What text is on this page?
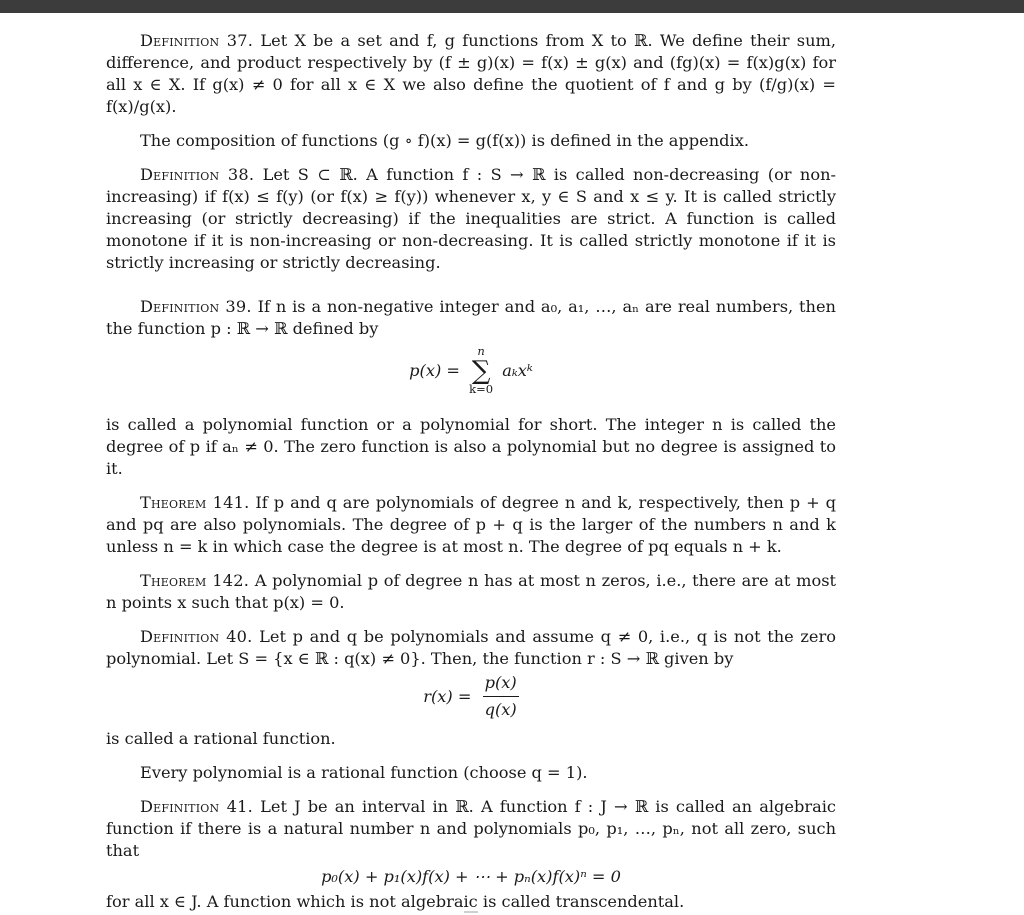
Definition 37. Let X be a set and f, g functions from X to ℝ. We define their sum, difference, and product respectively by (f ± g)(x) = f(x) ± g(x) and (fg)(x) = f(x)g(x) for all x ∈ X. If g(x) ≠ 0 for all x ∈ X we also define the quotient of f and g by (f/g)(x) = f(x)/g(x).

The composition of functions (g ∘ f)(x) = g(f(x)) is defined in the appendix.

Definition 38. Let S ⊂ ℝ. A function f : S → ℝ is called non-decreasing (or non-increasing) if f(x) ≤ f(y) (or f(x) ≥ f(y)) whenever x, y ∈ S and x ≤ y. It is called strictly increasing (or strictly decreasing) if the inequalities are strict. A function is called monotone if it is non-increasing or non-decreasing. It is called strictly monotone if it is strictly increasing or strictly decreasing.

Definition 39. If n is a non-negative integer and a₀, a₁, …, aₙ are real numbers, then the function p : ℝ → ℝ defined by

p(x) =
n
∑
k=0
aₖxᵏ

is called a polynomial function or a polynomial for short. The integer n is called the degree of p if aₙ ≠ 0. The zero function is also a polynomial but no degree is assigned to it.

Theorem 141. If p and q are polynomials of degree n and k, respectively, then p + q and pq are also polynomials. The degree of p + q is the larger of the numbers n and k unless n = k in which case the degree is at most n. The degree of pq equals n + k.

Theorem 142. A polynomial p of degree n has at most n zeros, i.e., there are at most n points x such that p(x) = 0.

Definition 40. Let p and q be polynomials and assume q ≠ 0, i.e., q is not the zero polynomial. Let S = {x ∈ ℝ : q(x) ≠ 0}. Then, the function r : S → ℝ given by

$r(x) = \frac{p(x)}{q(x)}$

is called a rational function.

Every polynomial is a rational function (choose q = 1).

Definition 41. Let J be an interval in ℝ. A function f : J → ℝ is called an algebraic function if there is a natural number n and polynomials p₀, p₁, …, pₙ, not all zero, such that

p₀(x) + p₁(x)f(x) + ⋯ + pₙ(x)f(x)ⁿ = 0

for all x ∈ J. A function which is not algebraic is called transcendental.
